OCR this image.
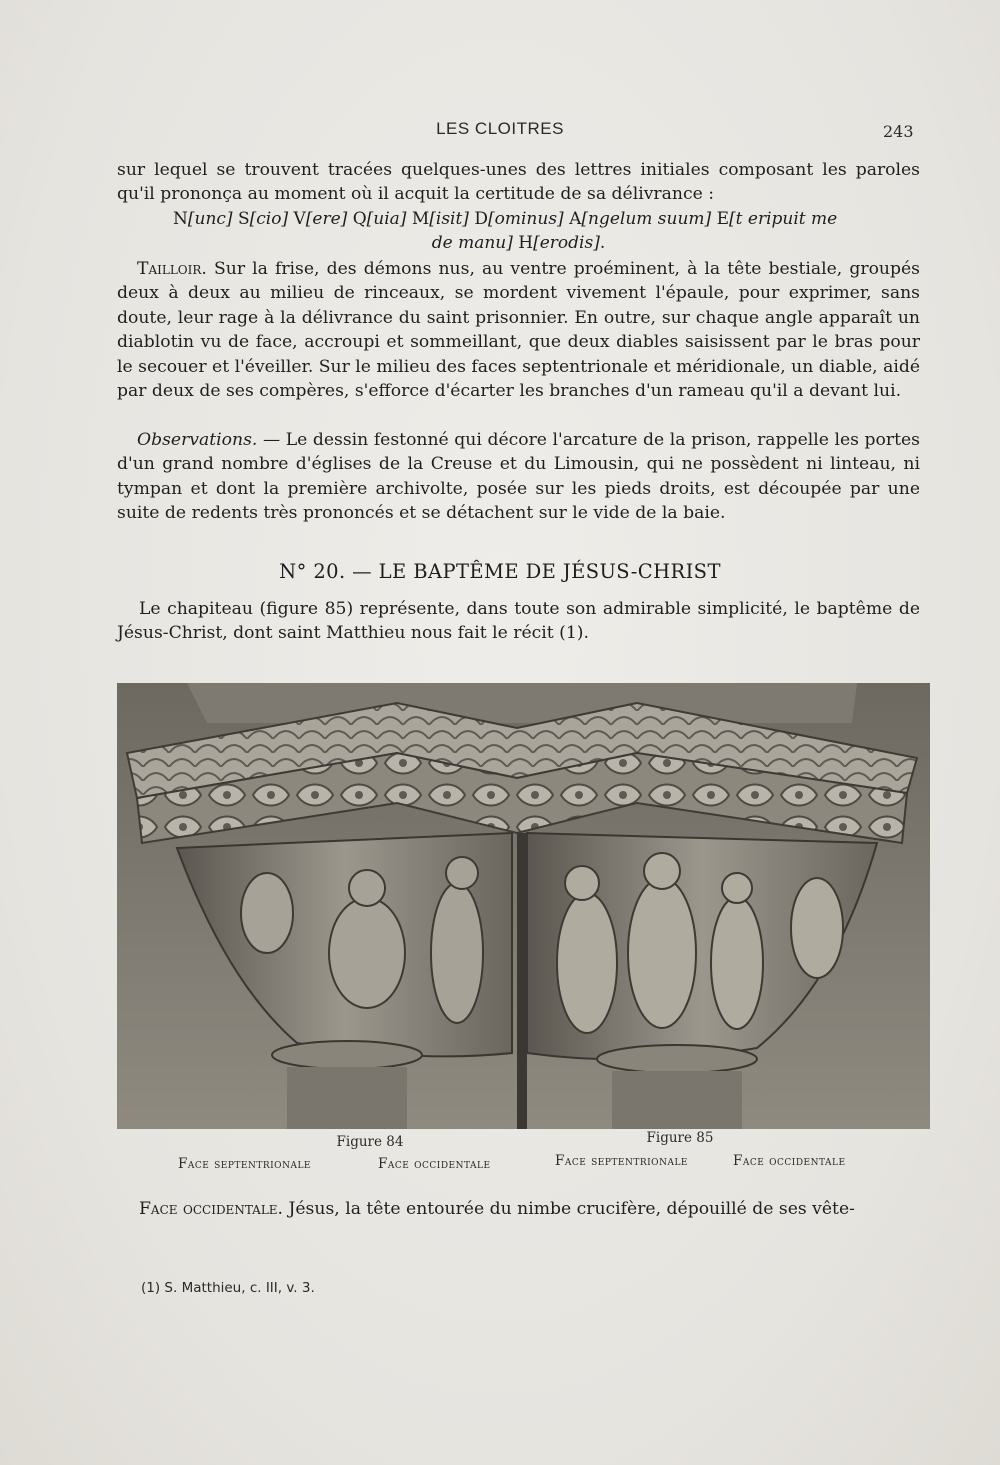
LES CLOITRES	243
sur lequel se trouvent tracées quelques-unes des lettres initiales composant les paroles qu'il prononça au moment où il acquit la certitude de sa délivrance :
N[unc] S[cio] V[ere] Q[uia] M[isit] D[ominus] A[ngelum suum] E[t eripuit me
de manu] H[erodis].
Tailloir. Sur la frise, des démons nus, au ventre proéminent, à la tête bestiale, groupés deux à deux au milieu de rinceaux, se mordent vivement l'épaule, pour exprimer, sans doute, leur rage à la délivrance du saint prisonnier. En outre, sur chaque angle apparaît un diablotin vu de face, accroupi et sommeillant, que deux diables saisissent par le bras pour le secouer et l'éveiller. Sur le milieu des faces septentrionale et méridionale, un diable, aidé par deux de ses compères, s'efforce d'écarter les branches d'un rameau qu'il a devant lui.
Observations. — Le dessin festonné qui décore l'arcature de la prison, rappelle les portes d'un grand nombre d'églises de la Creuse et du Limousin, qui ne possèdent ni linteau, ni tympan et dont la première archivolte, posée sur les pieds droits, est découpée par une suite de redents très prononcés et se détachent sur le vide de la baie.
N° 20. — LE BAPTÊME DE JÉSUS-CHRIST
Le chapiteau (figure 85) représente, dans toute son admirable simplicité, le baptême de Jésus-Christ, dont saint Matthieu nous fait le récit (1).
Figure 84	Figure 85
Face septentrionale	Face occidentale	Face septentrionale	Face occidentale
Face occidentale. Jésus, la tête entourée du nimbe crucifère, dépouillé de ses vête-
(1) S. Matthieu, c. III, v. 3.
